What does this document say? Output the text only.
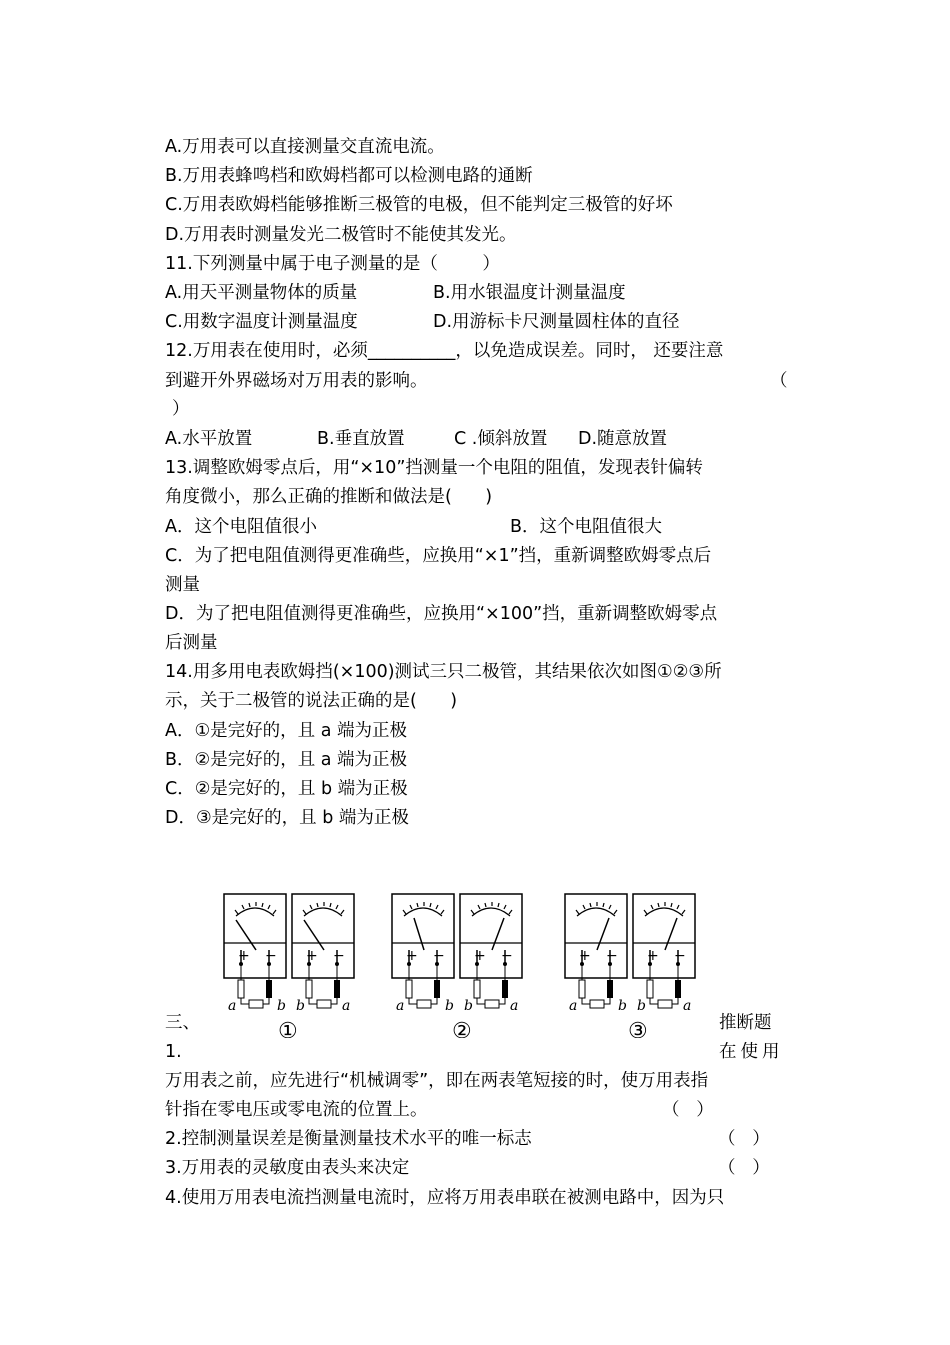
A.万用表可以直接测量交直流电流。
B.万用表蜂鸣档和欧姆档都可以检测电路的通断
C.万用表欧姆档能够推断三极管的电极，但不能判定三极管的好坏
D.万用表时测量发光二极管时不能使其发光。
11.下列测量中属于电子测量的是（        ）
A.用天平测量物体的质量	B.用水银温度计测量温度
C.用数字温度计测量温度	D.用游标卡尺测量圆柱体的直径
12.万用表在使用时，必须__________，以免造成误差。同时， 还要注意
到避开外界磁场对万用表的影响。	（
）
A.水平放置	B.垂直放置	C .倾斜放置 D.随意放置
13.调整欧姆零点后，用“×10”挡测量一个电阻的阻值，发现表针偏转
角度微小，那么正确的推断和做法是(      )
A．这个电阻值很小	B．这个电阻值很大
C．为了把电阻值测得更准确些，应换用“×1”挡，重新调整欧姆零点后
测量
D．为了把电阻值测得更准确些，应换用“×100”挡，重新调整欧姆零点
后测量
14.用多用电表欧姆挡(×100)测试三只二极管，其结果依次如图①②③所
示，关于二极管的说法正确的是(      )
A．①是完好的，且 a 端为正极
B．②是完好的，且 a 端为正极
C．②是完好的，且 b 端为正极
D．③是完好的，且 b 端为正极
+ − + −
a	b b	a
①
+ − + −
a	b b	a
②
+ − + −
a	b b	a
③
三、	推断题
1.	在使用
万用表之前，应先进行“机械调零”，即在两表笔短接的时，使万用表指
针指在零电压或零电流的位置上。	（   ）
2.控制测量误差是衡量测量技术水平的唯一标志	（   ）
3.万用表的灵敏度由表头来决定	（   ）
4.使用万用表电流挡测量电流时，应将万用表串联在被测电路中，因为只
